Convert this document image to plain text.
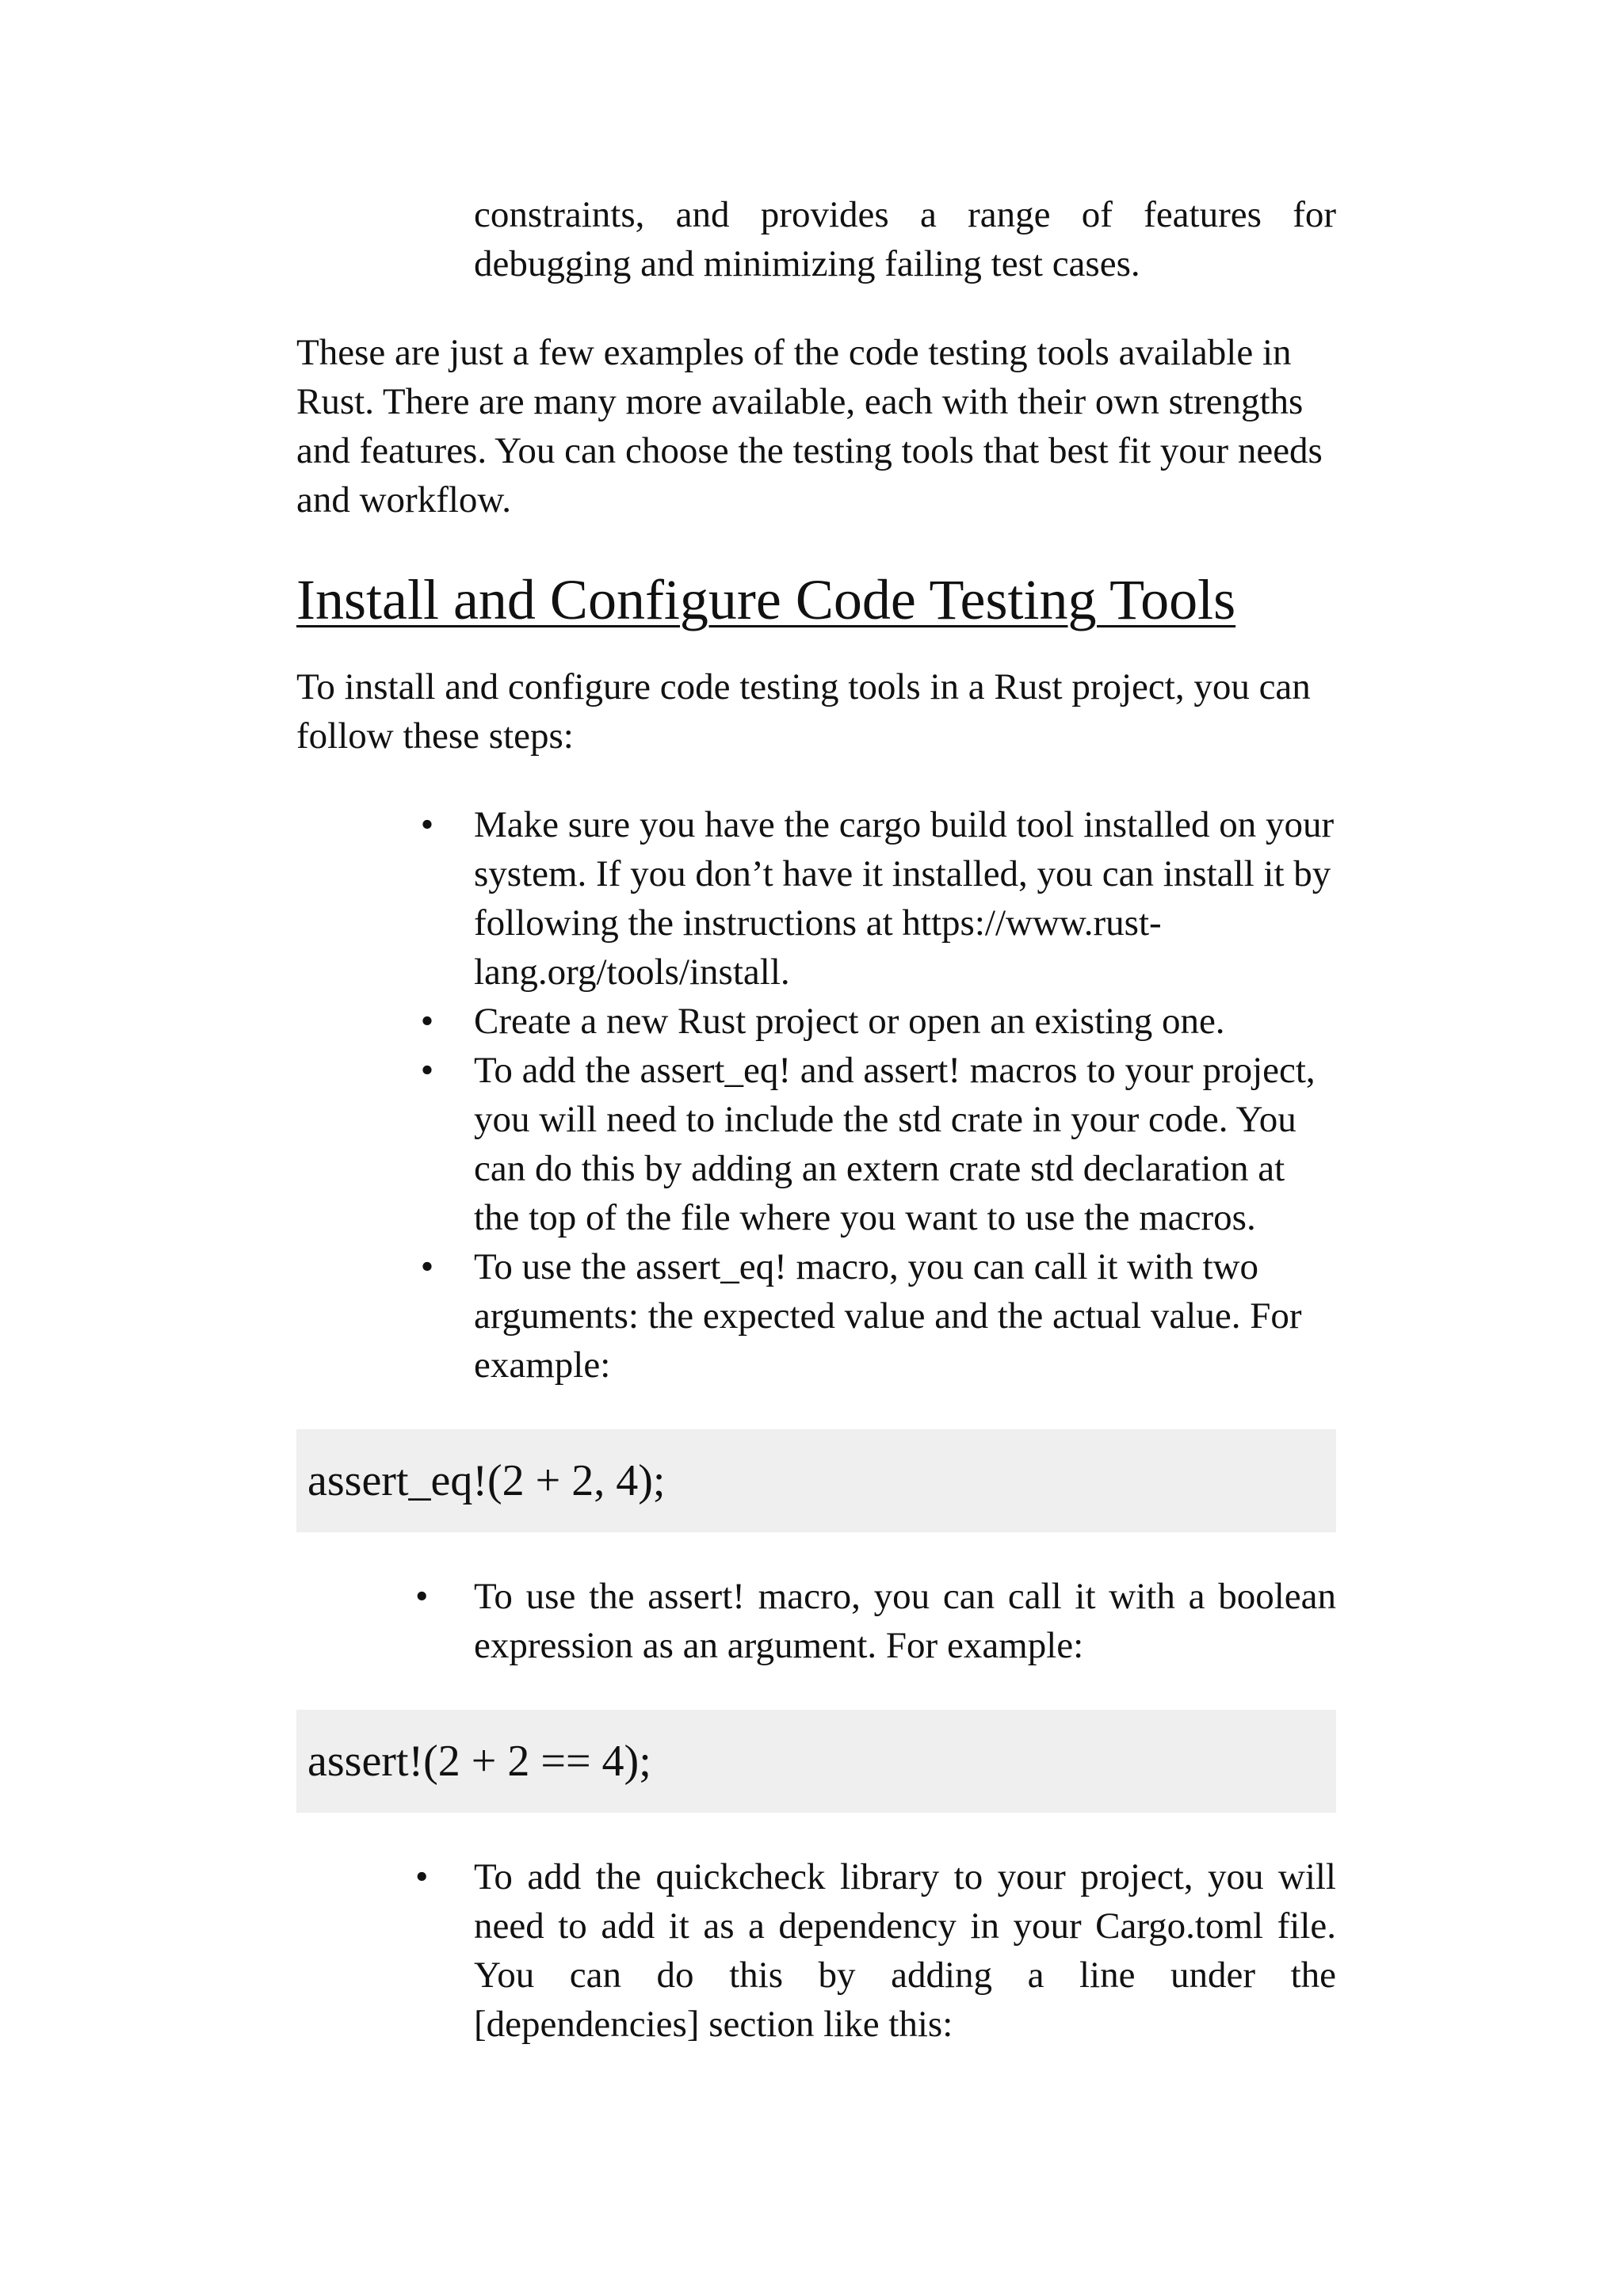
constraints, and provides a range of features for debugging and minimizing failing test cases.

These are just a few examples of the code testing tools available in Rust. There are many more available, each with their own strengths and features. You can choose the testing tools that best fit your needs and workflow.

Install and Configure Code Testing Tools

To install and configure code testing tools in a Rust project, you can follow these steps:

• Make sure you have the cargo build tool installed on your system. If you don’t have it installed, you can install it by following the instructions at https://www.rust-lang.org/tools/install.
• Create a new Rust project or open an existing one.
• To add the assert_eq! and assert! macros to your project, you will need to include the std crate in your code. You can do this by adding an extern crate std declaration at the top of the file where you want to use the macros.
• To use the assert_eq! macro, you can call it with two arguments: the expected value and the actual value. For example:
assert_eq!(2 + 2, 4);
• To use the assert! macro, you can call it with a boolean expression as an argument. For example:
assert!(2 + 2 == 4);
• To add the quickcheck library to your project, you will need to add it as a dependency in your Cargo.toml file. You can do this by adding a line under the [dependencies] section like this:
